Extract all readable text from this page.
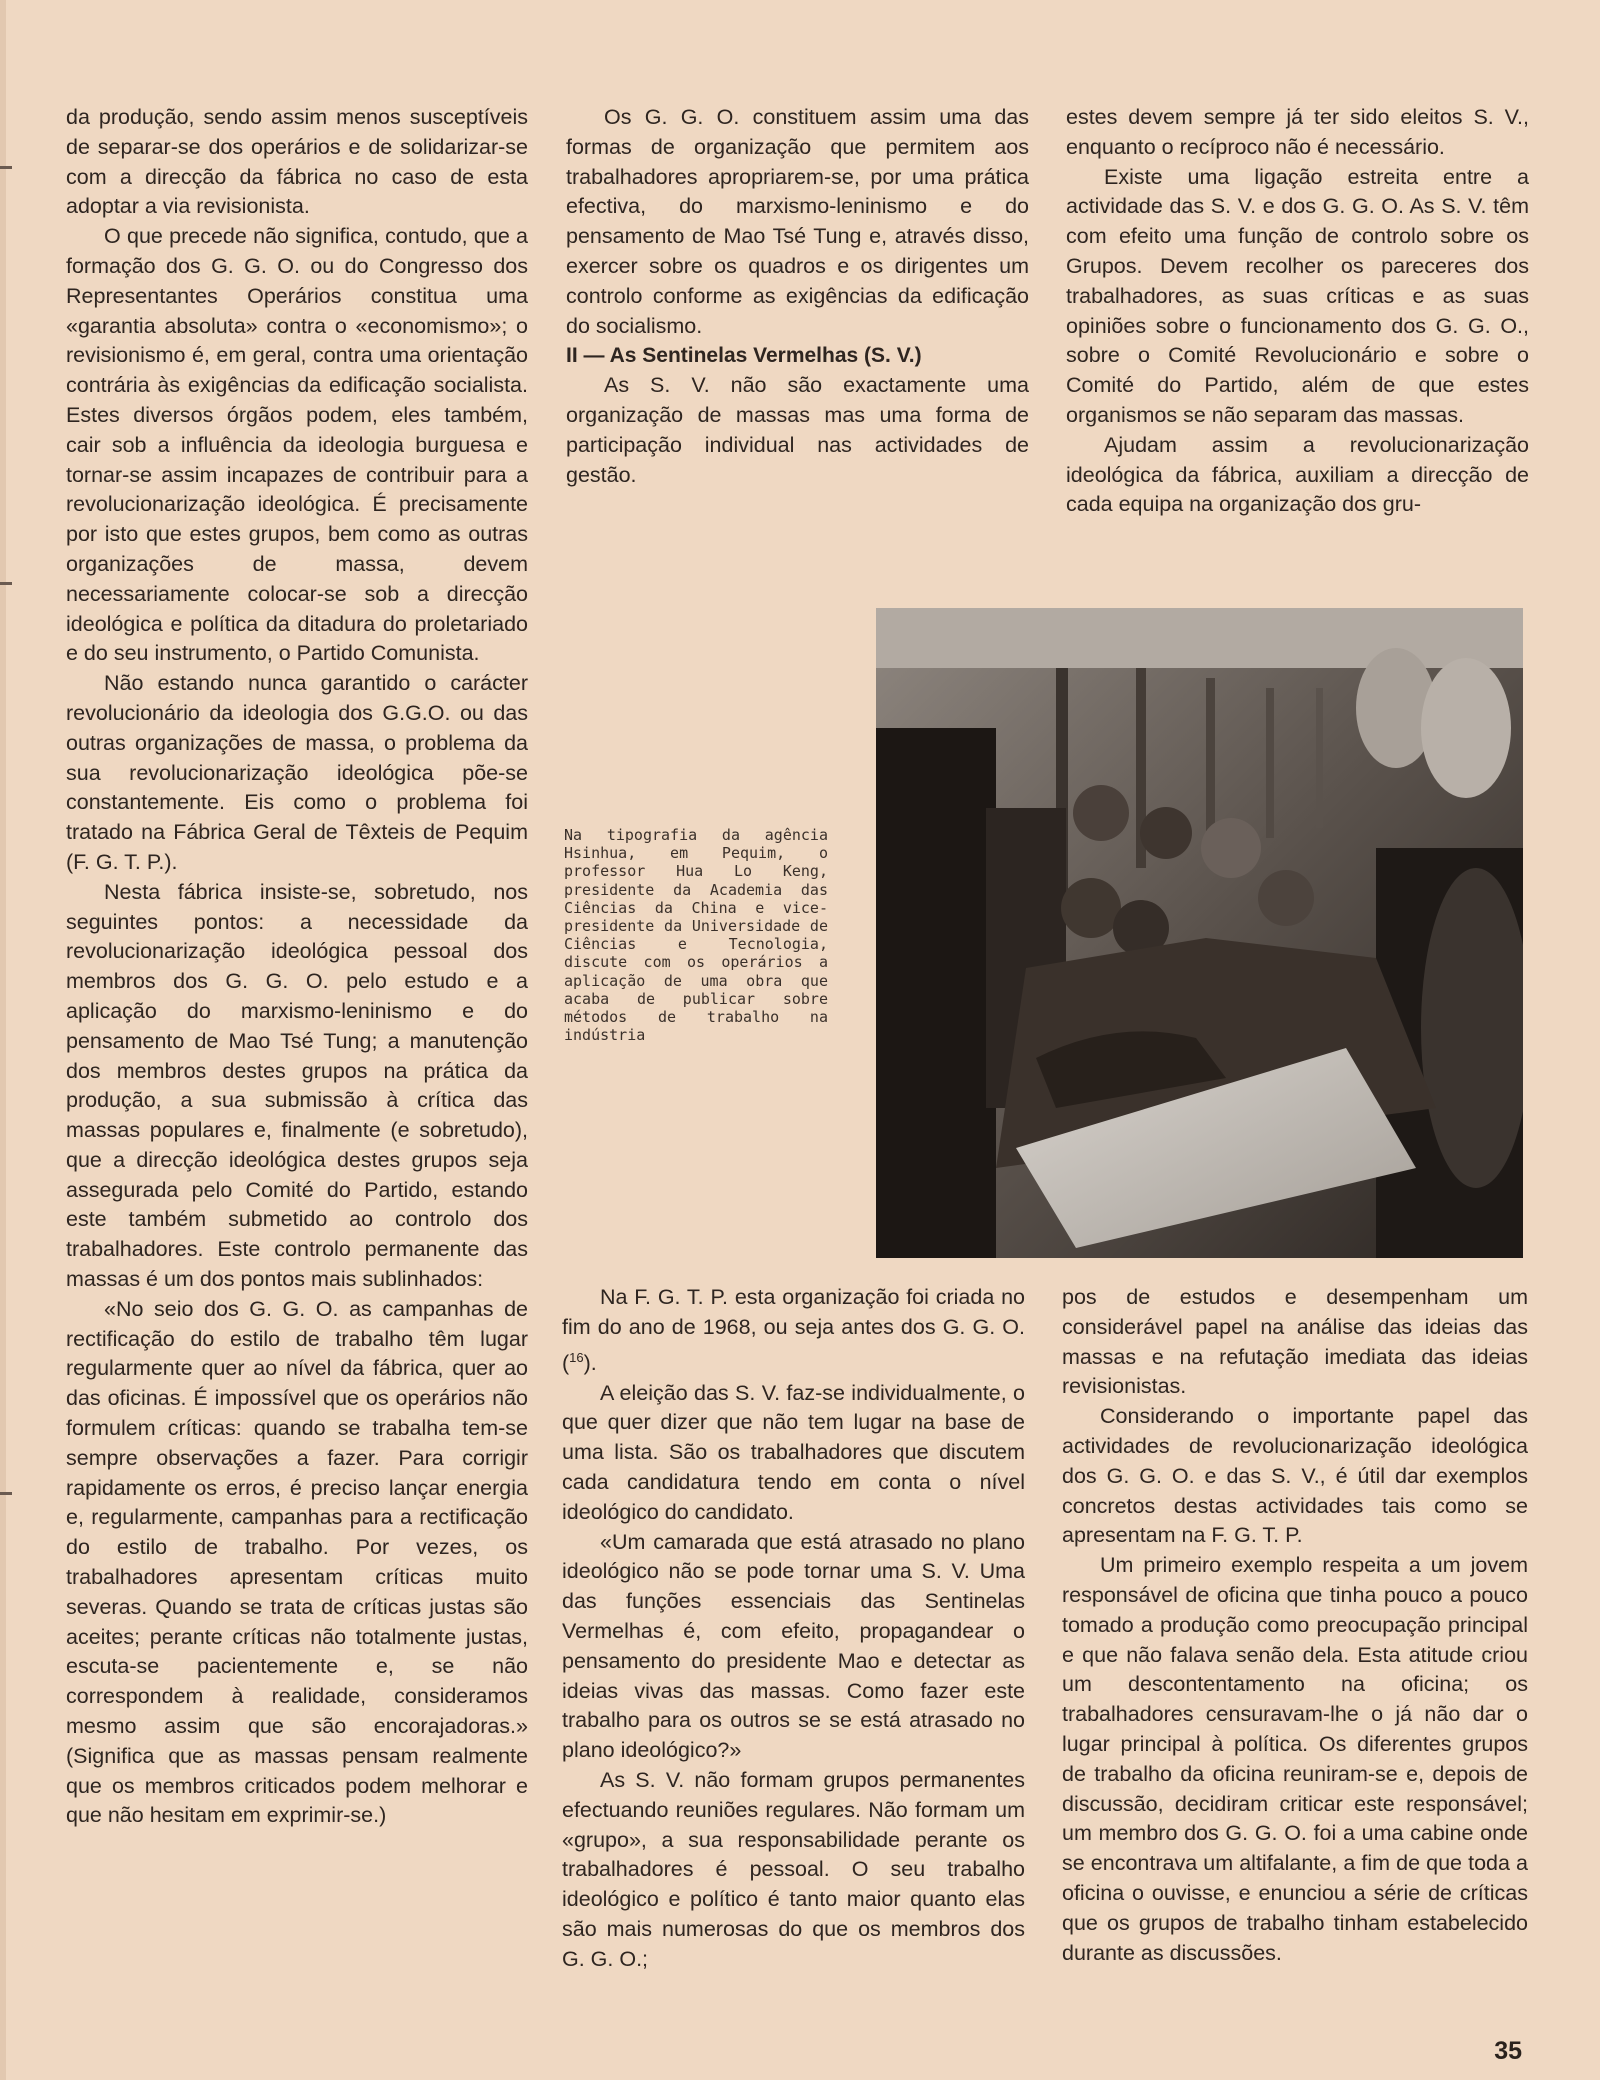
da produção, sendo assim menos susceptíveis de separar-se dos operários e de solidarizar-se com a direcção da fábrica no caso de esta adoptar a via revisionista.

O que precede não significa, contudo, que a formação dos G. G. O. ou do Congresso dos Representantes Operários constitua uma «garantia absoluta» contra o «economismo»; o revisionismo é, em geral, contra uma orientação contrária às exigências da edificação socialista. Estes diversos órgãos podem, eles também, cair sob a influência da ideologia burguesa e tornar-se assim incapazes de contribuir para a revolucionarização ideológica. É precisamente por isto que estes grupos, bem como as outras organizações de massa, devem necessariamente colocar-se sob a direcção ideológica e política da ditadura do proletariado e do seu instrumento, o Partido Comunista.

Não estando nunca garantido o carácter revolucionário da ideologia dos G.G.O. ou das outras organizações de massa, o problema da sua revolucionarização ideológica põe-se constantemente. Eis como o problema foi tratado na Fábrica Geral de Têxteis de Pequim (F. G. T. P.).

Nesta fábrica insiste-se, sobretudo, nos seguintes pontos: a necessidade da revolucionarização ideológica pessoal dos membros dos G. G. O. pelo estudo e a aplicação do marxismo-leninismo e do pensamento de Mao Tsé Tung; a manutenção dos membros destes grupos na prática da produção, a sua submissão à crítica das massas populares e, finalmente (e sobretudo), que a direcção ideológica destes grupos seja assegurada pelo Comité do Partido, estando este também submetido ao controlo dos trabalhadores. Este controlo permanente das massas é um dos pontos mais sublinhados:

«No seio dos G. G. O. as campanhas de rectificação do estilo de trabalho têm lugar regularmente quer ao nível da fábrica, quer ao das oficinas. É impossível que os operários não formulem críticas: quando se trabalha tem-se sempre observações a fazer. Para corrigir rapidamente os erros, é preciso lançar energia e, regularmente, campanhas para a rectificação do estilo de trabalho. Por vezes, os trabalhadores apresentam críticas muito severas. Quando se trata de críticas justas são aceites; perante críticas não totalmente justas, escuta-se pacientemente e, se não correspondem à realidade, consideramos mesmo assim que são encorajadoras.» (Significa que as massas pensam realmente que os membros criticados podem melhorar e que não hesitam em exprimir-se.)

Os G. G. O. constituem assim uma das formas de organização que permitem aos trabalhadores apropriarem-se, por uma prática efectiva, do marxismo-leninismo e do pensamento de Mao Tsé Tung e, através disso, exercer sobre os quadros e os dirigentes um controlo conforme as exigências da edificação do socialismo.

II — As Sentinelas Vermelhas (S. V.)

As S. V. não são exactamente uma organização de massas mas uma forma de participação individual nas actividades de gestão.

estes devem sempre já ter sido eleitos S. V., enquanto o recíproco não é necessário.

Existe uma ligação estreita entre a actividade das S. V. e dos G. G. O. As S. V. têm com efeito uma função de controlo sobre os Grupos. Devem recolher os pareceres dos trabalhadores, as suas críticas e as suas opiniões sobre o funcionamento dos G. G. O., sobre o Comité Revolucionário e sobre o Comité do Partido, além de que estes organismos se não separam das massas.

Ajudam assim a revolucionarização ideológica da fábrica, auxiliam a direcção de cada equipa na organização dos gru-

Na tipografia da agência Hsinhua, em Pequim, o professor Hua Lo Keng, presidente da Academia das Ciências da China e vice-presidente da Universidade de Ciências e Tecnologia, discute com os operários a aplicação de uma obra que acaba de publicar sobre métodos de trabalho na indústria

Na F. G. T. P. esta organização foi criada no fim do ano de 1968, ou seja antes dos G. G. O. ($^{16}$).

A eleição das S. V. faz-se individualmente, o que quer dizer que não tem lugar na base de uma lista. São os trabalhadores que discutem cada candidatura tendo em conta o nível ideológico do candidato.

«Um camarada que está atrasado no plano ideológico não se pode tornar uma S. V. Uma das funções essenciais das Sentinelas Vermelhas é, com efeito, propagandear o pensamento do presidente Mao e detectar as ideias vivas das massas. Como fazer este trabalho para os outros se se está atrasado no plano ideológico?»

As S. V. não formam grupos permanentes efectuando reuniões regulares. Não formam um «grupo», a sua responsabilidade perante os trabalhadores é pessoal. O seu trabalho ideológico e político é tanto maior quanto elas são mais numerosas do que os membros dos G. G. O.;

pos de estudos e desempenham um considerável papel na análise das ideias das massas e na refutação imediata das ideias revisionistas.

Considerando o importante papel das actividades de revolucionarização ideológica dos G. G. O. e das S. V., é útil dar exemplos concretos destas actividades tais como se apresentam na F. G. T. P.

Um primeiro exemplo respeita a um jovem responsável de oficina que tinha pouco a pouco tomado a produção como preocupação principal e que não falava senão dela. Esta atitude criou um descontentamento na oficina; os trabalhadores censuravam-lhe o já não dar o lugar principal à política. Os diferentes grupos de trabalho da oficina reuniram-se e, depois de discussão, decidiram criticar este responsável; um membro dos G. G. O. foi a uma cabine onde se encontrava um altifalante, a fim de que toda a oficina o ouvisse, e enunciou a série de críticas que os grupos de trabalho tinham estabelecido durante as discussões.

35
